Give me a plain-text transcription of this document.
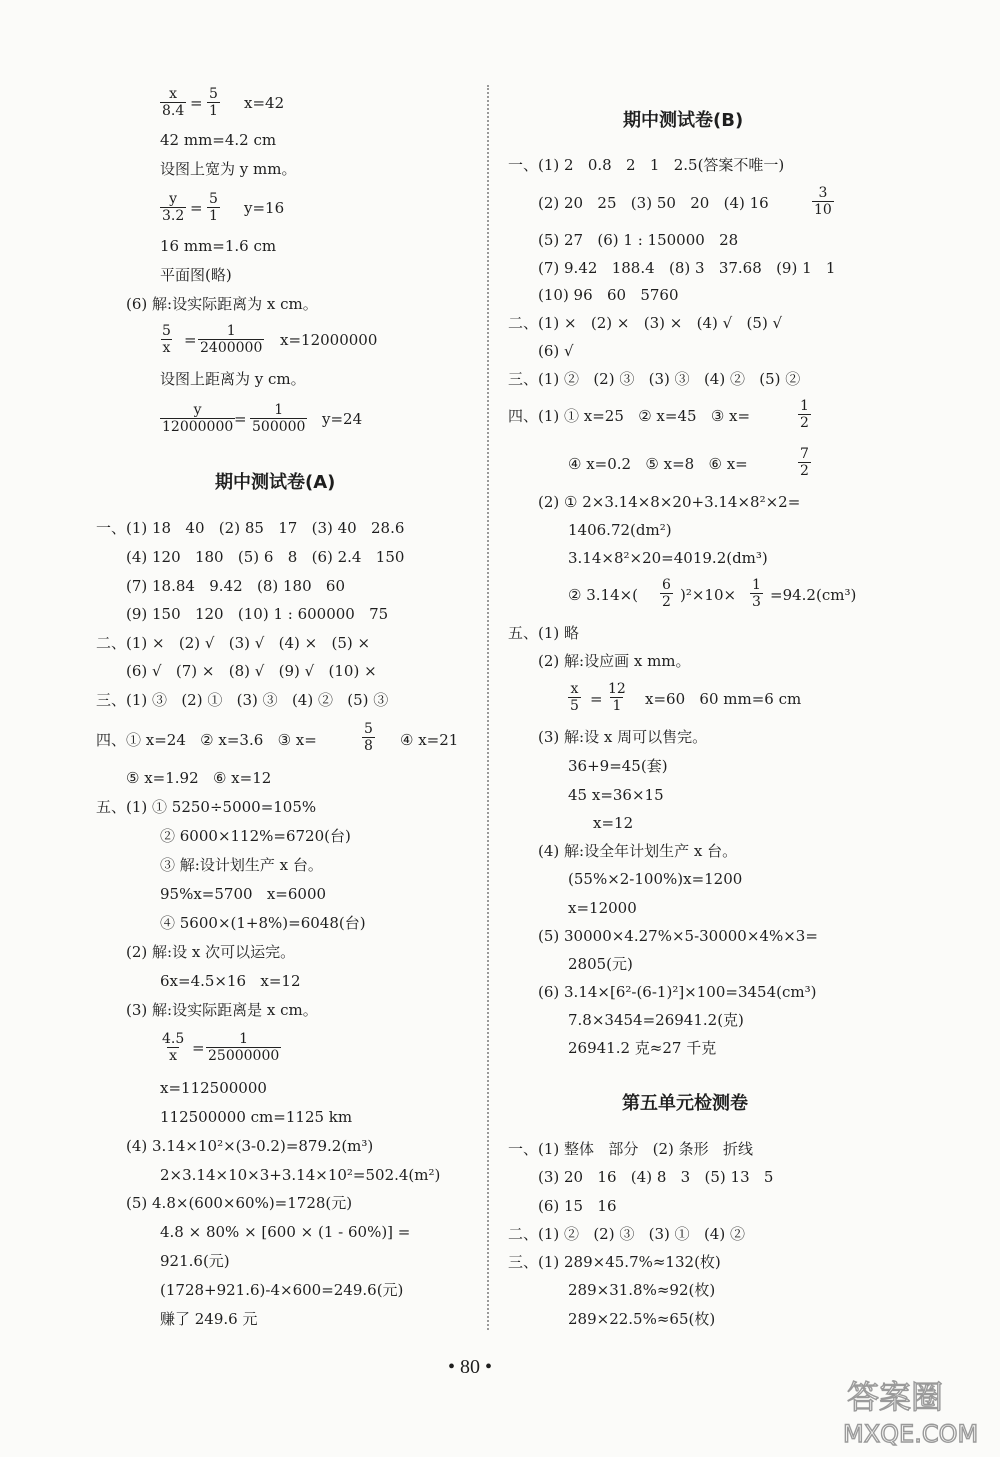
$\frac{x}{8.4} = \frac{5}{1} x=42$
42 mm=4.2 cm
设图上宽为 y mm。
$\frac{y}{3.2} = \frac{5}{1} y=16$
16 mm=1.6 cm
平面图(略)
(6) 解:设实际距离为 x cm。
$\frac{5}{x} = \frac{1}{2400000} x=12000000$
设图上距离为 y cm。
$\frac{y}{12000000}$
= $\frac{1}{500000} y=24$
期中测试卷(A)
一、(1) 18   40   (2) 85   17   (3) 40   28.6
(4) 120   180   (5) 6   8   (6) 2.4   150
(7) 18.84   9.42   (8) 180   60
(9) 150   120   (10) 1 : 600000   75
二、(1) ×   (2) √   (3) √   (4) ×   (5) ×
(6) √   (7) ×   (8) √   (9) √   (10) ×
三、(1) ③   (2) ①   (3) ③   (4) ②   (5) ③
四、① x=24   ② x=3.6   ③ x=	$\frac{5}{8}$ ④ x=21
⑤ x=1.92   ⑥ x=12
五、(1) ① 5250÷5000=105%
② 6000×112%=6720(台)
③ 解:设计划生产 x 台。
95%x=5700   x=6000
④ 5600×(1+8%)=6048(台)
(2) 解:设 x 次可以运完。
6x=4.5×16   x=12
(3) 解:设实际距离是 x cm。
$\frac{4.5}{x} = \frac{1}{25000000}$
x=112500000
112500000 cm=1125 km
(4) 3.14×10²×(3-0.2)=879.2(m³)
2×3.14×10×3+3.14×10²=502.4(m²)
(5) 4.8×(600×60%)=1728(元)
4.8 × 80% × [600 × (1 - 60%)] =
921.6(元)
(1728+921.6)-4×600=249.6(元)
赚了 249.6 元
期中测试卷(B)
一、(1) 2   0.8   2   1   2.5(答案不唯一)
(2) 20   25   (3) 50   20   (4) 16	$\frac{3}{10}$
(5) 27   (6) 1 : 150000   28
(7) 9.42   188.4   (8) 3   37.68   (9) 1   1
(10) 96   60   5760
二、(1) ×   (2) ×   (3) ×   (4) √   (5) √
(6) √
三、(1) ②   (2) ③   (3) ③   (4) ②   (5) ②
四、(1) ① x=25   ② x=45   ③ x=	$\frac{1}{2}$
④ x=0.2   ⑤ x=8   ⑥ x=	$\frac{7}{2}$
(2) ① 2×3.14×8×20+3.14×8²×2=
1406.72(dm²)
3.14×8²×20=4019.2(dm³)
② $3.14\times( \frac{6}{2} )^2\times 10\times \frac{1}{3} =94.2(cm^3)$
五、(1) 略
(2) 解:设应画 x mm。
$\frac{x}{5} = \frac{12}{1} x=60$   60 mm=6 cm
(3) 解:设 x 周可以售完。
36+9=45(套)
45 x=36×15
x=12
(4) 解:设全年计划生产 x 台。
(55%×2-100%)x=1200
x=12000
(5) 30000×4.27%×5-30000×4%×3=
2805(元)
(6) 3.14×[6²-(6-1)²]×100=3454(cm³)
7.8×3454=26941.2(克)
26941.2 克≈27 千克
第五单元检测卷
一、(1) 整体   部分   (2) 条形   折线
(3) 20   16   (4) 8   3   (5) 13   5
(6) 15   16
二、(1) ②   (2) ③   (3) ①   (4) ②
三、(1) 289×45.7%≈132(枚)
289×31.8%≈92(枚)
289×22.5%≈65(枚)
• 80 •
答案圈
MXQE.COM
